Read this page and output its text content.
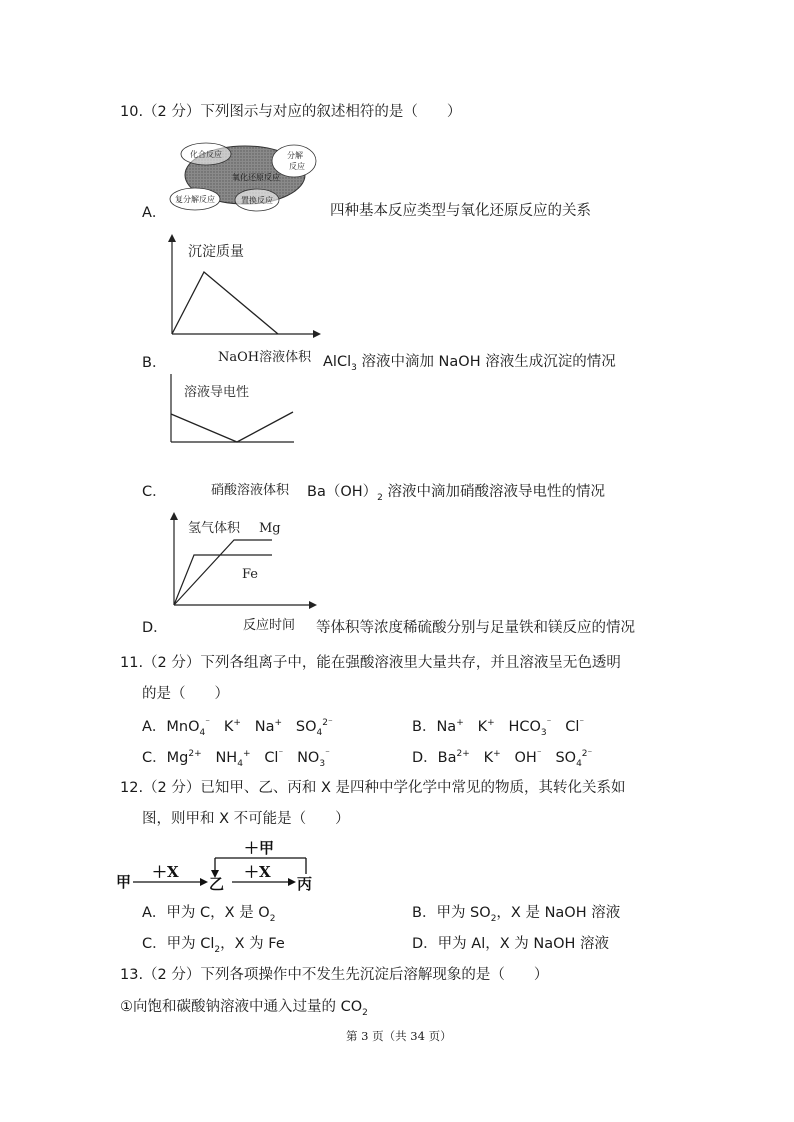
10.（2 分）下列图示与对应的叙述相符的是（　　）
化合反应	分解
反应
氧化还原反应
复分解反应	置换反应
A．	四种基本反应类型与氧化还原反应的关系
沉淀质量
NaOH溶液体积
B．	AlCl$_3$ 溶液中滴加 NaOH 溶液生成沉淀的情况
溶液导电性
硝酸溶液体积
C．	$Ba(OH)_2$ 溶液中滴加硝酸溶液导电性的情况
氢气体积 Mg
Fe
反应时间
D．	等体积等浓度稀硫酸分别与足量铁和镁反应的情况
11.（2 分）下列各组离子中，能在强酸溶液里大量共存，并且溶液呈无色透明
的是（　　）
A．MnO$_4$⁻ K+ Na+ $SO_4^{2^-}$	B．Na+ K+ $HCO_3^{^-}$ Cl⁻
C．$Mg^{2+}$ $NH_4^+$ Cl⁻ $NO_3^{^-}$	D．$Ba^{2+}$ K+ OH⁻ $SO_4^{2^-}$
12.（2 分）已知甲、乙、丙和 X 是四种中学化学中常见的物质，其转化关系如
图，则甲和 X 不可能是（　　）
甲	乙	丙
＋X	＋X
＋甲
A．甲为 C，X 是 $O_2$	B．甲为 $SO_2$，X 是 NaOH 溶液
C．甲为 $Cl_2$，X 为 Fe	D．甲为 Al，X 为 NaOH 溶液
13.（2 分）下列各项操作中不发生先沉淀后溶解现象的是（　　）
①向饱和碳酸钠溶液中通入过量的 $CO_2$
第 3 页（共 34 页）
